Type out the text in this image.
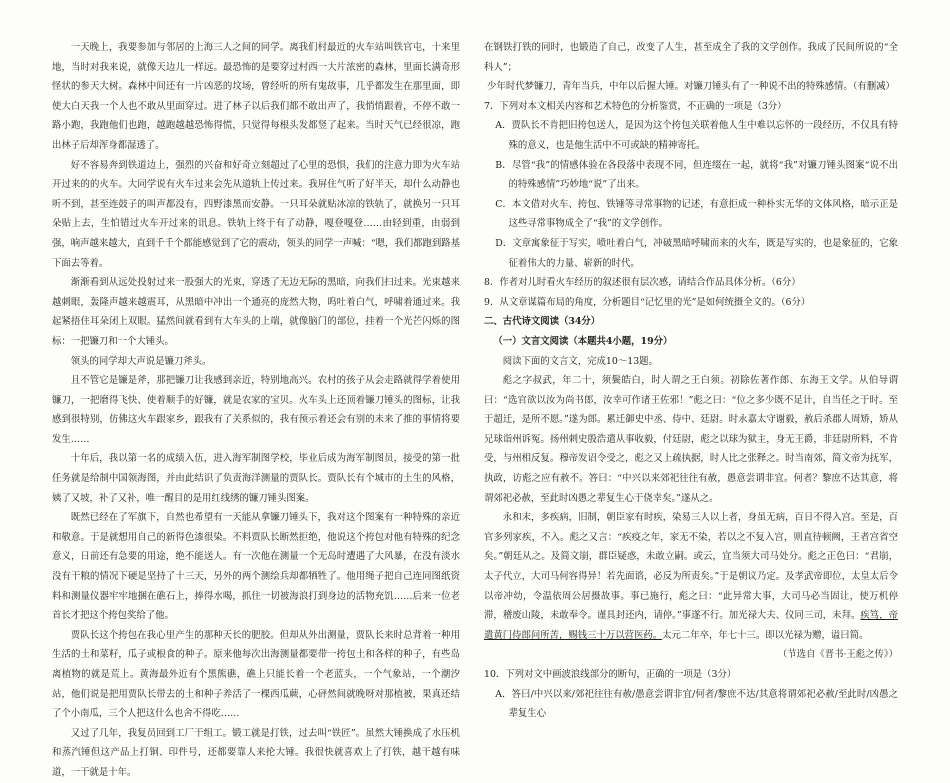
一天晚上，我要参加与邻居的上海三人之间的同学。离我们村最近的火车站叫铁官屯，十来里地，当时对我来说，就像天边儿一样远。最恐怖的是要穿过村西一大片浓密的森林，里面长满奇形怪状的参天大树。森林中间还有一片凶恶的坟场，曾经听的所有鬼故事，几乎都发生在那里面，即使大白天我一个人也不敢从里面穿过。进了林子以后我们都不敢出声了，我悄悄跟着，不停不敢一路小跑，我跑他们也跑，越跑越越恐怖得慌，只觉得每根头发都竖了起来。当时天气已经很凉，跑出林子后却浑身都湿透了。

好不容易奔到铁道边上，强烈的兴奋和好奇立刻超过了心里的恐惧，我们的注意力即为火车站开过来的的火车。大同学说有火车过来会先从道轨上传过来。我屏住气听了好半天，却什么动静也听不到，甚至连鼓子的叫声都没有，四野漆黑而安静。一只耳朵就贴冰凉的铁轨了，就换另一只耳朵贴上去，生怕错过火车开过来的讯息。铁轨上终于有了动静，嘎登嘎登……由轻到重，由弱到强，响声越来越大，直到千千个都能感觉到了它的震动，领头的同学一声喊：“嗯，我们都跑到路基下面去等着。

渐渐看到从远处投射过来一股强大的光束，穿透了无边无际的黑暗，向我们扫过来。光束越来越刺眼，轰隆声越来越震耳，从黑暗中冲出一个通亮的庞然大物，呜吐着白气，呼啸着通过来。我起紧捂住耳朵闭上双眼。猛然间就看到有大车头的上端，就像脑门的部位，挂着一个光芒闪烁的图标：一把镰刀和一个大锤头。

领头的同学却大声说是镰刀斧头。

且不管它是镰是斧，那把镰刀让我感到亲近，特别地高兴。农村的孩子从会走路就得学着使用镰刀，一把磨得飞快、使着顺手的好镰，就是农家的宝贝。火车头上还顶着镰刀锤头的图标，让我感到很特别，仿佛这火车跟家乡，跟我有了关系似的，我有预示着还会有别的未来了推的事情将要发生……

十年后，我以第一名的成绩入伍，进入海军制图学校，毕业后成为海军制图员，接受的第一批任务就是给制中国领海图，并由此结识了负责海洋测量的贾队长。贾队长有个城市的土生的风格，姨了又坡，补了又补，唯一醒目的是用红线绣的镰刀锤头图案。

既然已经在了军旗下，自然也希望有一天能从拿镰刀锤头下，我对这个图案有一种特殊的亲近和敬意。于是就想用自己的新得色漆很染。不料贾队长断然拒绝，他说这个挎包对他有特殊的纪念意义，日前还有急要的用途，绝不能送人。有一次他在测量一个无岛时遭遇了大风暴，在没有淡水没有干粮的情况下硬是坚持了十三天，另外的两个测绘兵却都牺牲了。他用绳子把自己连同图纸资料和测量仪器牢牢地捆在礁石上，捧得水喝，抓住一切被海浪打到身边的活物充饥……后来一位老首长才把这个挎包奖给了他。

贾队长这个挎包在我心里产生的那种天长的肥胶。但却从外出测量，贾队长来时总背着一种用生活的土和菜籽，瓜子或根食的种子。原来他每次出海测量都要带一挎包土和各样的种子，有些岛离植物的就是荒上。黄海最外近有个黑熊礁，礁上只能长着一个老蓝头，一个气象站，一个潮汐站，他们说是把用贾队长带去的土和种子养活了一棵西瓜蕨，心砰然间就晚呀对那植被，果真还结了个小南瓜，三个人把这什么也舍不得吃……

又过了几年，我复员回到工厂干组工。锻工就是打铁，过去叫“铁匠”。虽然大锤换成了水压机和蒸汽锤但这产品上打铜、印件号，还都要靠人来抡大锤。我很快就喜欢上了打铁，越干越有味道，一干就是十年。

在钢铁打铁的同时，也锻造了自己，改变了人生，甚至成全了我的文学创作。我成了民间所说的“全科人”；

少年时代梦镰刀，青年当兵，中年以后握大锤。对镰刀锤头有了一种说不出的特殊感情。（有删减）

7．下列对本文相关内容和艺术特色的分析鉴赏，不正确的一项是（3分）

A．贾队长不肯把旧挎包送人，是因为这个挎包关联着他人生中难以忘怀的一段经历，不仅具有特殊的意义，也是他生活中不可或缺的精神寄托。

B．尽管“我”的情感体验在各段落中表现不同，但连缀在一起，就将“我”对镰刀锤头图案“说不出的特殊感情”巧妙地“说”了出来。

C．本文借对火车、挎包、铁锤等寻常事物的记述，有意拒成一种朴实无华的文体风格，暗示正是这些寻常事物成全了“我”的文学创作。

D．文章寓象征于写实，喷吐着白气，冲破黑暗呼啸而来的火车，既是写实的，也是象征的，它象征着伟大的力量、崭新的时代。

8．作者对儿时看火车经历的叙述很有层次感，请结合作品具体分析。（6分）

9．从文章谋篇布局的角度，分析题目“记忆里的光”是如何统摄全文的。（6分）

二、古代诗文阅读（34分）

（一）文言文阅读（本题共4小题，19分）

阅读下面的文言文，完成10～13题。

彪之字叔武，年二十，须鬓皓白，时人谓之王白须。初除佐著作郎、东海王文学。从伯导谓曰：“选官欲以汝为尚书郎，汝幸可作诸王佐邪！”彪之曰：“位之多少既不足计，自当任之于时。至于超迁，是所不愿。”遂为郎。累迁御史中丞、侍中、廷尉。时永嘉太守谢毅，赦后杀郡人周矫，矫从兄球诣州诉冤。扬州刺史殷浩遣从事收毅，付廷尉，彪之以球为狱主，身无王爵，非廷尉所料，不肯受，与州相反复。穆帝发诏令受之，彪之又上疏执据，时人比之张释之。时当南郊，简文帝为抚军，执政，访彪之应有赦不。答曰：“中兴以来郊祀往往有赦，愚意尝谓非宜。何者？黎庶不达其意，将谓郊祀必赦，至此时凶愚之辈复生心于侥幸矣。”遂从之。

永和末，多疾病，旧制，朝臣家有时疾，染易三人以上者，身虽无病，百日不得入宫。至是，百官多列家疾，不入。彪之又言：“疾疫之年，家无不染，若以之不复入宫，则直待顿阙，王者宫省空矣。”朝廷从之。及简文崩，群臣疑惑，未敢立嗣。或云，宜当须大司马处分。彪之正色曰：“君崩，太子代立，大司马何容得异！若先面谘，必反为所责矣。”于是朝议乃定。及孝武帝即位，太皇太后令以帝冲幼，令温依周公居摄故事。事已施行，彪之曰：“此异常大事，大司马必当固让，使万机停滞，稽废山陵，未敢奉令。谨具封还内，请停。”事遂不行。加光禄大夫、仪同三司，未拜。疾笃，帝遣黄门侍郎问所苦，赐钱三十万以营医药。太元二年卒，年七十三。即以光禄为赠，谥曰简。

（节选自《晋书·王彪之传》）

10．下列对文中画波浪线部分的断句，正确的一项是（3分）

A．答曰/中兴以来/郊祀往往有赦/愚意尝谓非宜/何者/黎庶不达/其意将谓郊祀必赦/至此时/凶愚之辈复生心
